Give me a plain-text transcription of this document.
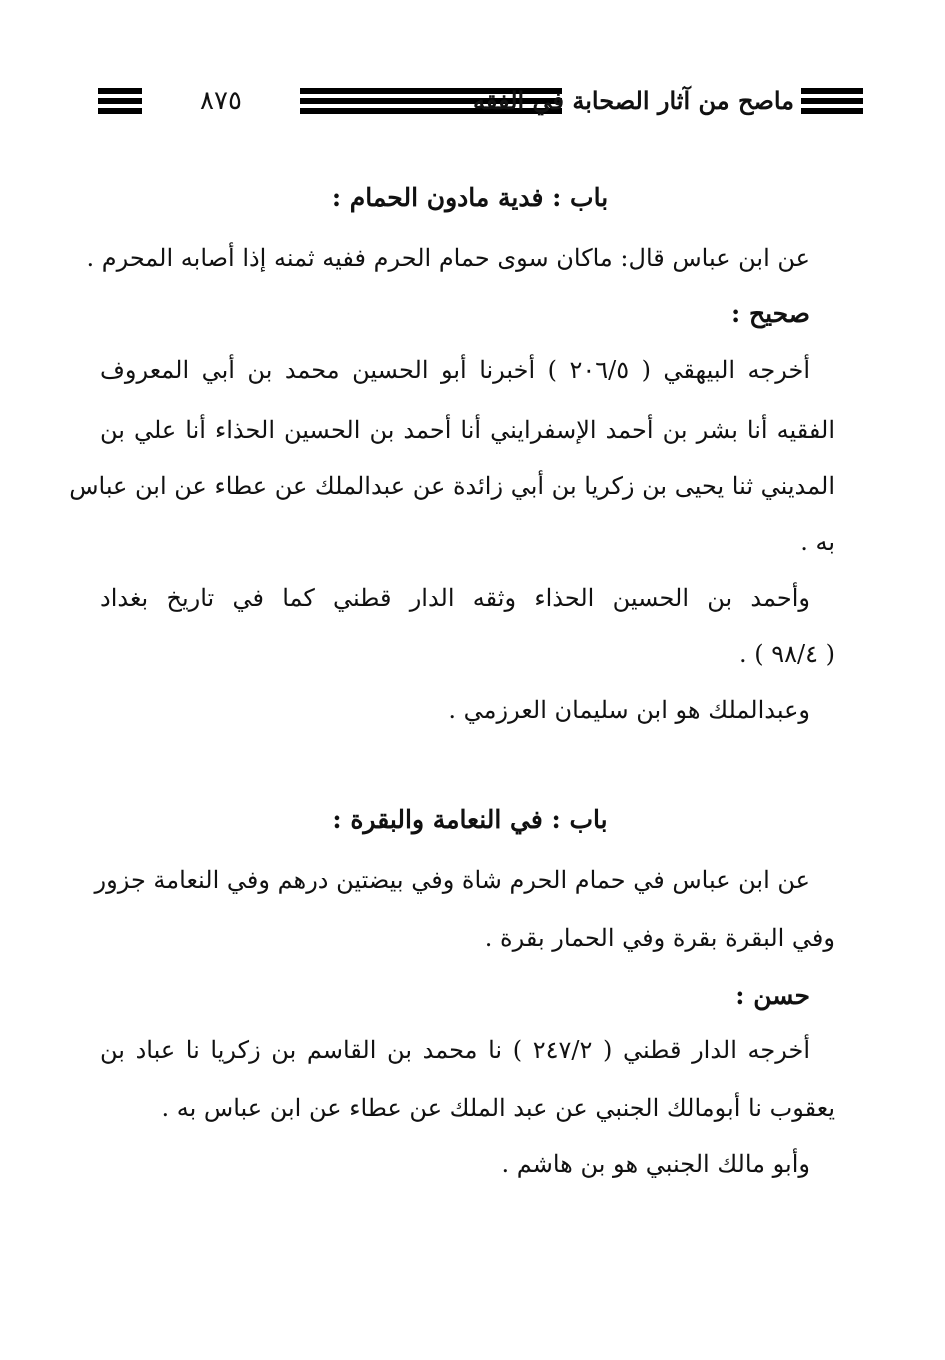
٨٧٥	ماصح من آثار الصحابة في الفقه
باب : فدية مادون الحمام :
عن ابن عباس قال: ماكان سوى حمام الحرم ففيه ثمنه إذا أصابه المحرم .
صحيح :
أخرجه البيهقي ( ٢٠٦/٥ ) أخبرنا أبو الحسين محمد بن أبي المعروف
الفقيه أنا بشر بن أحمد الإسفرايني أنا أحمد بن الحسين الحذاء أنا علي بن
المديني ثنا يحيى بن زكريا بن أبي زائدة عن عبدالملك عن عطاء عن ابن عباس
به .
وأحمد بن الحسين الحذاء وثقه الدار قطني كما في تاريخ بغداد
( ٩٨/٤ ) .
وعبدالملك هو ابن سليمان العرزمي .
باب : في النعامة والبقرة :
عن ابن عباس في حمام الحرم شاة وفي بيضتين درهم وفي النعامة جزور
وفي البقرة بقرة وفي الحمار بقرة .
حسن :
أخرجه الدار قطني ( ٢٤٧/٢ ) نا محمد بن القاسم بن زكريا نا عباد بن
يعقوب نا أبومالك الجنبي عن عبد الملك عن عطاء عن ابن عباس به .
وأبو مالك الجنبي هو بن هاشم .
